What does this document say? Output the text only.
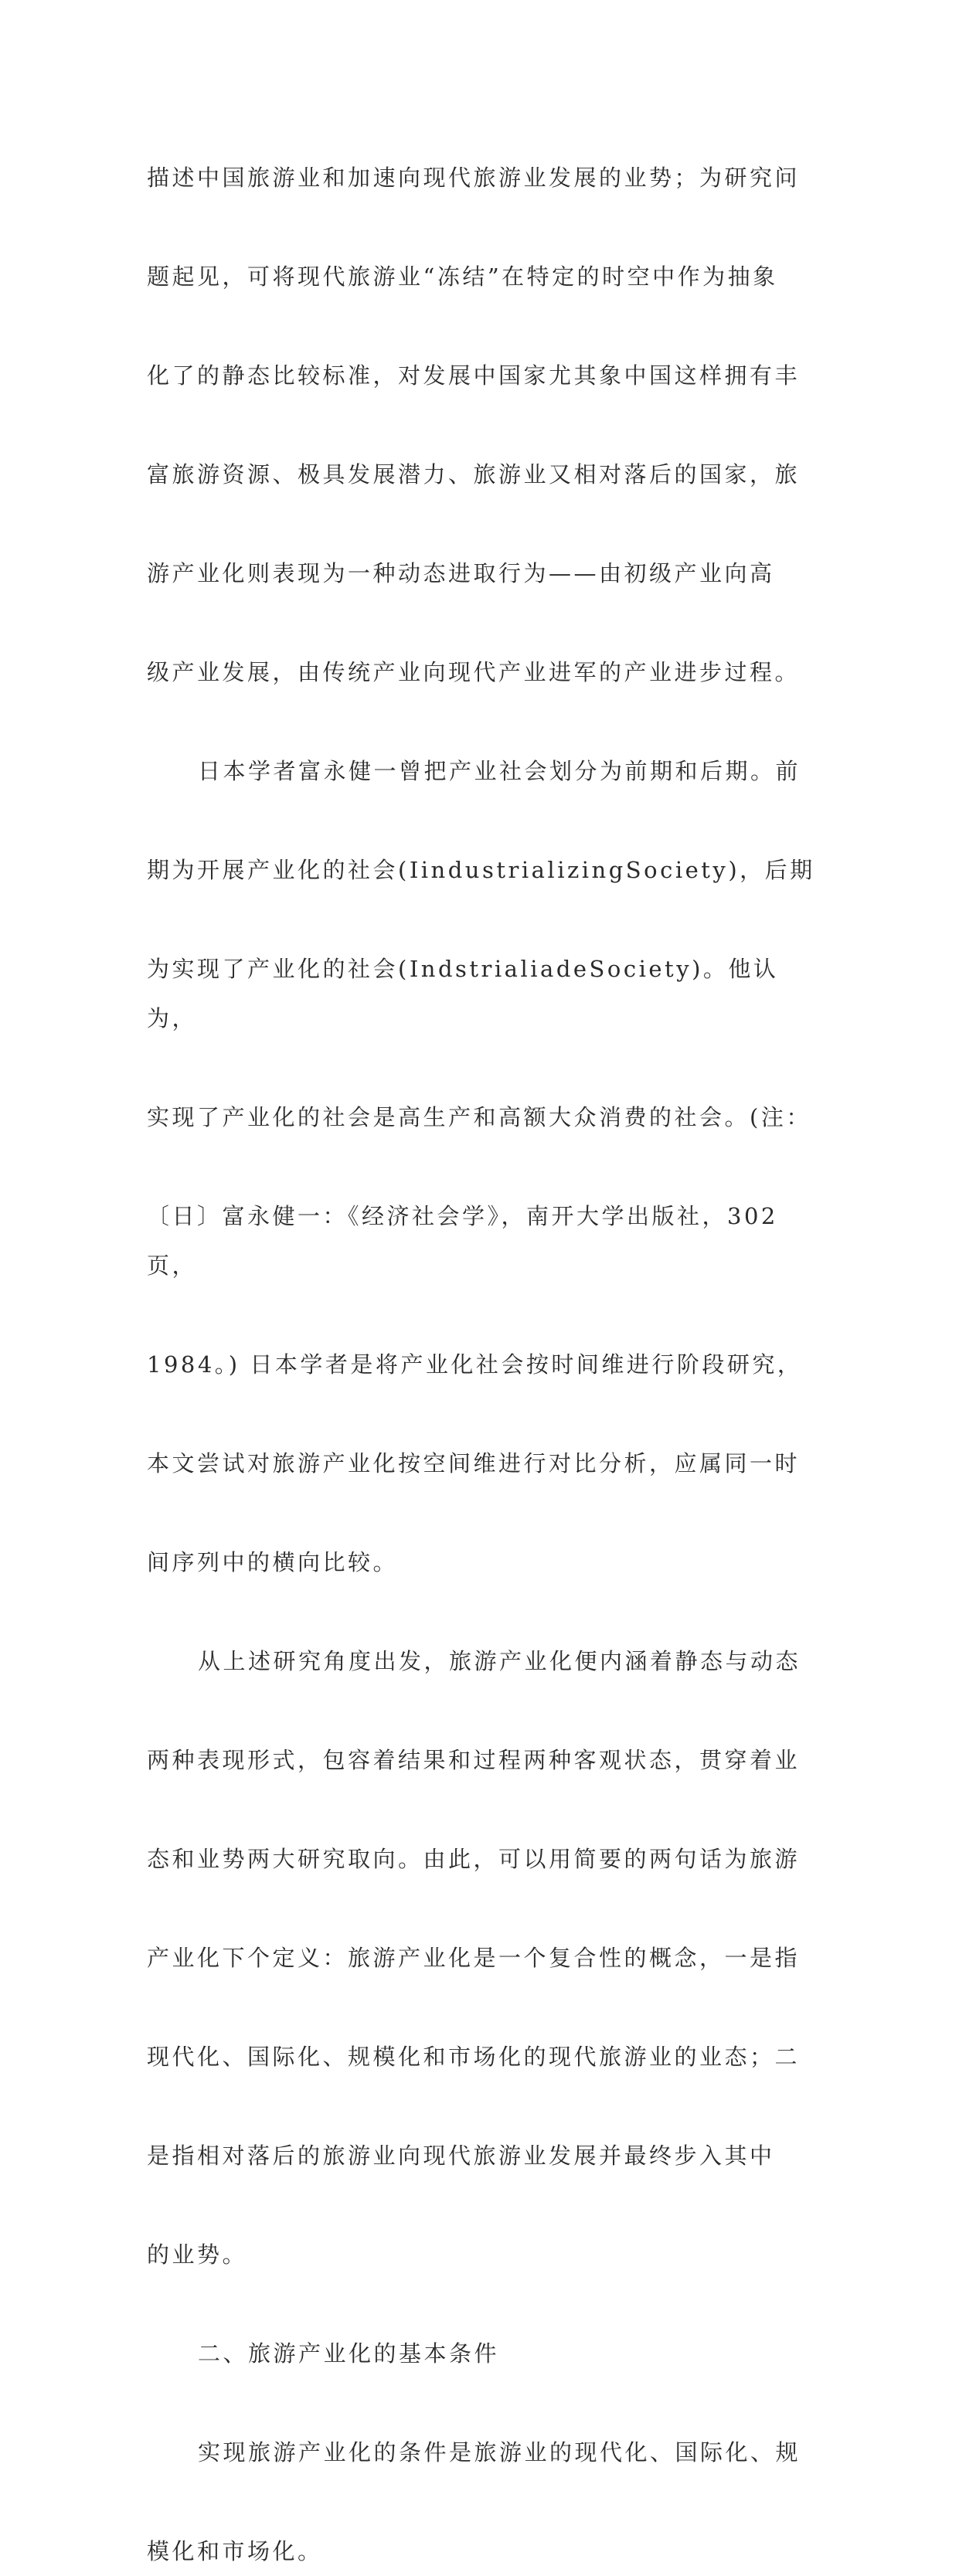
描述中国旅游业和加速向现代旅游业发展的业势；为研究问

题起见，可将现代旅游业“冻结”在特定的时空中作为抽象

化了的静态比较标准，对发展中国家尤其象中国这样拥有丰

富旅游资源、极具发展潜力、旅游业又相对落后的国家，旅

游产业化则表现为一种动态进取行为——由初级产业向高

级产业发展，由传统产业向现代产业进军的产业进步过程。

日本学者富永健一曾把产业社会划分为前期和后期。前

期为开展产业化的社会(IindustrializingSociety)，后期

为实现了产业化的社会(IndstrialiadeSociety)。他认为，

实现了产业化的社会是高生产和高额大众消费的社会。(注：

〔日〕富永健一：《经济社会学》，南开大学出版社，302页，

1984。) 日本学者是将产业化社会按时间维进行阶段研究，

本文尝试对旅游产业化按空间维进行对比分析，应属同一时

间序列中的横向比较。

从上述研究角度出发，旅游产业化便内涵着静态与动态

两种表现形式，包容着结果和过程两种客观状态，贯穿着业

态和业势两大研究取向。由此，可以用简要的两句话为旅游

产业化下个定义：旅游产业化是一个复合性的概念，一是指

现代化、国际化、规模化和市场化的现代旅游业的业态；二

是指相对落后的旅游业向现代旅游业发展并最终步入其中

的业势。

二、旅游产业化的基本条件

实现旅游产业化的条件是旅游业的现代化、国际化、规

模化和市场化。
